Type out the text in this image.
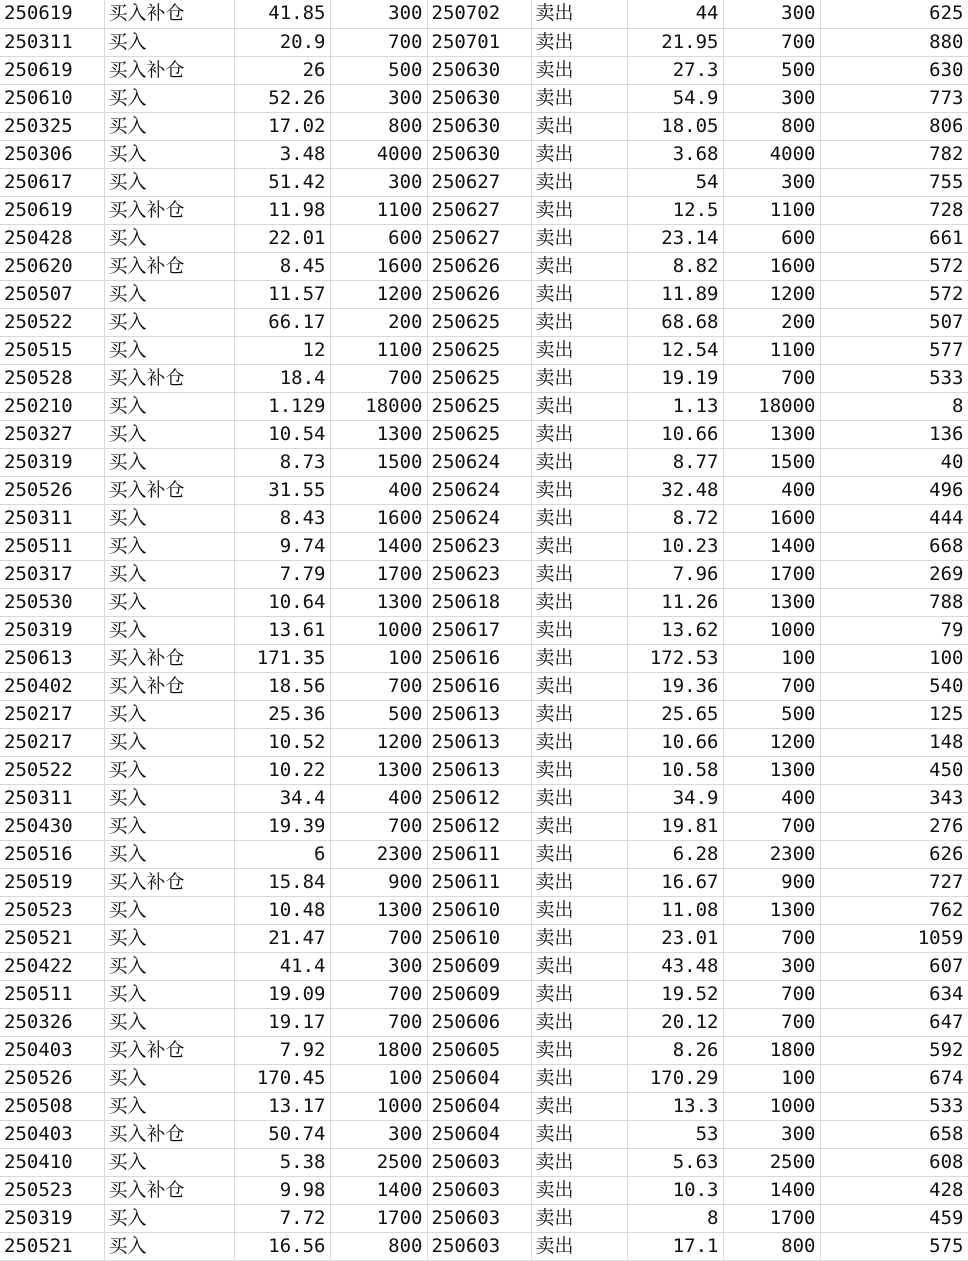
250619	买入补仓	41.85	300	250702	卖出	44	300	625
250311	买入	20.9	700	250701	卖出	21.95	700	880
250619	买入补仓	26	500	250630	卖出	27.3	500	630
250610	买入	52.26	300	250630	卖出	54.9	300	773
250325	买入	17.02	800	250630	卖出	18.05	800	806
250306	买入	3.48	4000	250630	卖出	3.68	4000	782
250617	买入	51.42	300	250627	卖出	54	300	755
250619	买入补仓	11.98	1100	250627	卖出	12.5	1100	728
250428	买入	22.01	600	250627	卖出	23.14	600	661
250620	买入补仓	8.45	1600	250626	卖出	8.82	1600	572
250507	买入	11.57	1200	250626	卖出	11.89	1200	572
250522	买入	66.17	200	250625	卖出	68.68	200	507
250515	买入	12	1100	250625	卖出	12.54	1100	577
250528	买入补仓	18.4	700	250625	卖出	19.19	700	533
250210	买入	1.129	18000	250625	卖出	1.13	18000	8
250327	买入	10.54	1300	250625	卖出	10.66	1300	136
250319	买入	8.73	1500	250624	卖出	8.77	1500	40
250526	买入补仓	31.55	400	250624	卖出	32.48	400	496
250311	买入	8.43	1600	250624	卖出	8.72	1600	444
250511	买入	9.74	1400	250623	卖出	10.23	1400	668
250317	买入	7.79	1700	250623	卖出	7.96	1700	269
250530	买入	10.64	1300	250618	卖出	11.26	1300	788
250319	买入	13.61	1000	250617	卖出	13.62	1000	79
250613	买入补仓	171.35	100	250616	卖出	172.53	100	100
250402	买入补仓	18.56	700	250616	卖出	19.36	700	540
250217	买入	25.36	500	250613	卖出	25.65	500	125
250217	买入	10.52	1200	250613	卖出	10.66	1200	148
250522	买入	10.22	1300	250613	卖出	10.58	1300	450
250311	买入	34.4	400	250612	卖出	34.9	400	343
250430	买入	19.39	700	250612	卖出	19.81	700	276
250516	买入	6	2300	250611	卖出	6.28	2300	626
250519	买入补仓	15.84	900	250611	卖出	16.67	900	727
250523	买入	10.48	1300	250610	卖出	11.08	1300	762
250521	买入	21.47	700	250610	卖出	23.01	700	1059
250422	买入	41.4	300	250609	卖出	43.48	300	607
250511	买入	19.09	700	250609	卖出	19.52	700	634
250326	买入	19.17	700	250606	卖出	20.12	700	647
250403	买入补仓	7.92	1800	250605	卖出	8.26	1800	592
250526	买入	170.45	100	250604	卖出	170.29	100	674
250508	买入	13.17	1000	250604	卖出	13.3	1000	533
250403	买入补仓	50.74	300	250604	卖出	53	300	658
250410	买入	5.38	2500	250603	卖出	5.63	2500	608
250523	买入补仓	9.98	1400	250603	卖出	10.3	1400	428
250319	买入	7.72	1700	250603	卖出	8	1700	459
250521	买入	16.56	800	250603	卖出	17.1	800	575
